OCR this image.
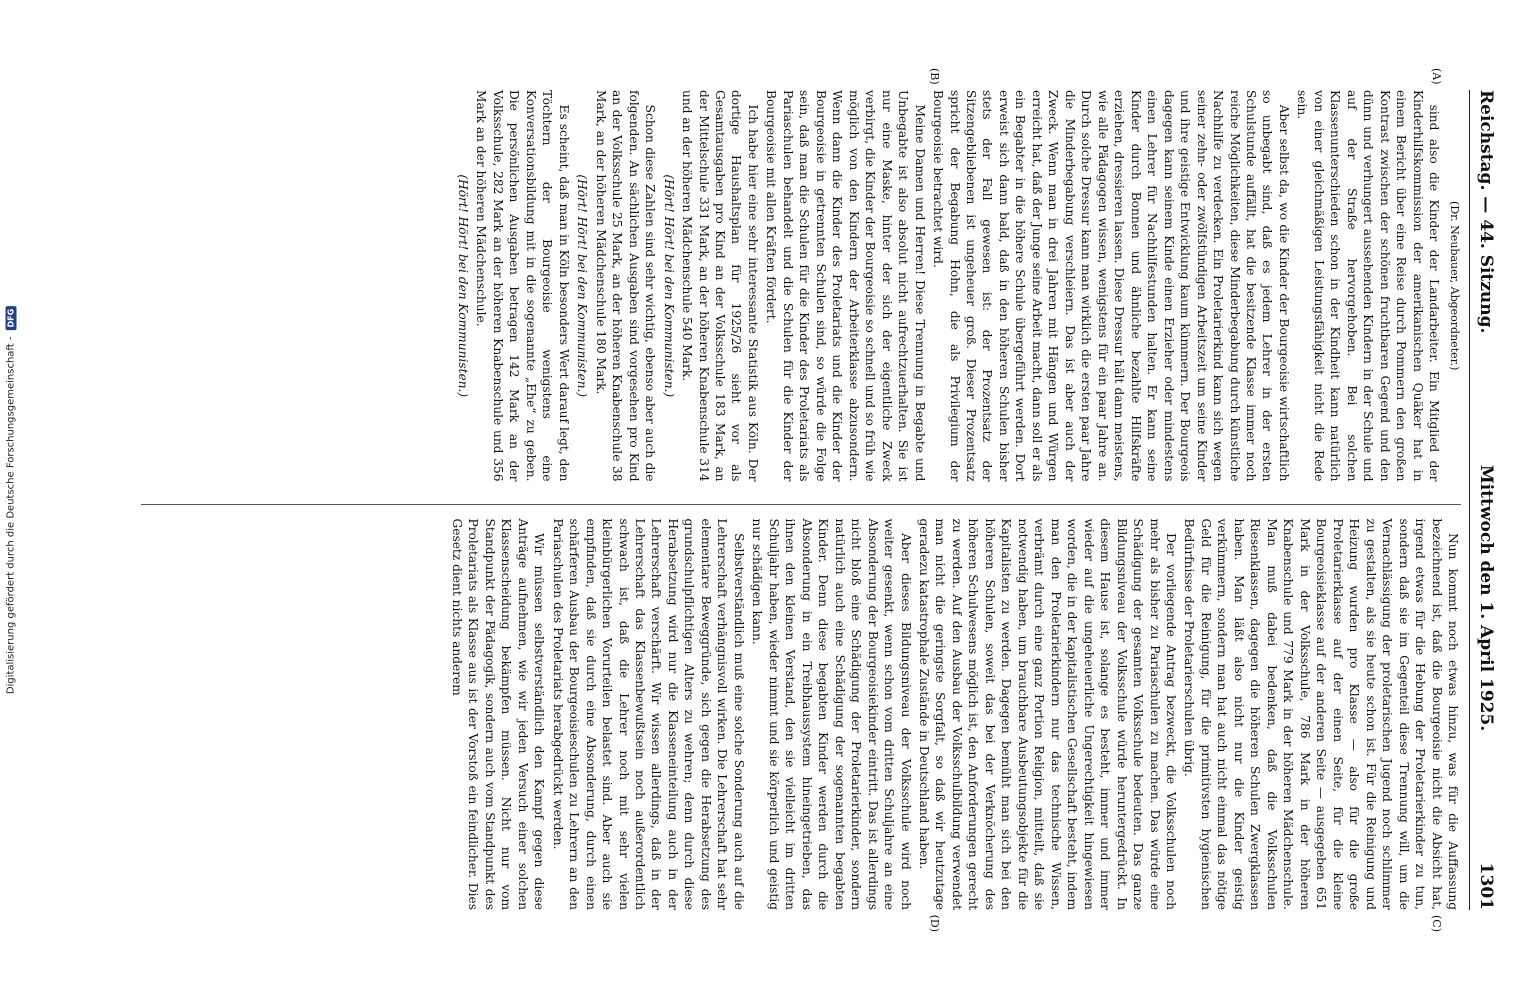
Digitalisierung gefördert durch die Deutsche Forschungsgemeinschaft -
DFG	Reichstag. — 44. Sitzung.
Mittwoch den 1. April 1925.
1301
(A)
(B)
(Dr. Neubauer, Abgeordneter.)

sind also die Kinder der Landarbeiter. Ein Mitglied der Kinderhilfskommission der amerikanischen Quäker hat in einem Bericht über eine Reise durch Pommern den großen Kontrast zwischen der schönen fruchtbaren Gegend und den dünn und verhungert aussehenden Kindern in der Schule und auf der Straße hervorgehoben. Bei solchen Klassenunterschieden schon in der Kindheit kann natürlich von einer gleichmäßigen Leistungsfähigkeit nicht die Rede sein.

Aber selbst da, wo die Kinder der Bourgeoisie wirtschaftlich so unbegabt sind, daß es jedem Lehrer in der ersten Schulstunde auffällt, hat die besitzende Klasse immer noch reiche Möglichkeiten, diese Minderbegabung durch künstliche Nachhilfe zu verdecken. Ein Proletarierkind kann sich wegen seiner zehn- oder zwölfstündigen Arbeitszeit um seine Kinder und ihre geistige Entwicklung kaum kümmern. Der Bourgeois dagegen kann seinem Kinde einen Erzieher oder mindestens einen Lehrer für Nachhilfestunden halten. Er kann seine Kinder durch Bonnen und ähnliche bezahlte Hilfskräfte erziehen, dressieren lassen. Diese Dressur hält dann meistens, wie alle Pädagogen wissen, wenigstens für ein paar Jahre an. Durch solche Dressur kann man wirklich die ersten paar Jahre die Minderbegabung verschleiern. Das ist aber auch der Zweck. Wenn man in drei Jahren mit Hängen und Würgen erreicht hat, daß der Junge seine Arbeit macht, dann soll er als ein Begabter in die höhere Schule übergeführt werden. Dort erweist sich dann bald, daß in den höheren Schulen bisher stets der Fall gewesen ist: der Prozentsatz der Sitzengebliebenen ist ungeheuer groß. Dieser Prozentsatz spricht der Begabung Hohn, die als Privilegium der Bourgeoisie betrachtet wird.

Meine Damen und Herren! Diese Trennung in Begabte und Unbegabte ist also absolut nicht aufrechtzuerhalten. Sie ist nur eine Maske, hinter der sich der eigentliche Zweck verbirgt, die Kinder der Bourgeoisie so schnell und so früh wie möglich von den Kindern der Arbeiterklasse abzusondern. Wenn dann die Kinder des Proletariats und die Kinder der Bourgeoisie in getrennten Schulen sind, so würde die Folge sein, daß man die Schulen für die Kinder des Proletariats als Pariaschulen behandelt und die Schulen für die Kinder der Bourgeoisie mit allen Kräften fördert.

Ich habe hier eine sehr interessante Statistik aus Köln. Der dortige Haushaltsplan für 1925/26 sieht vor als Gesamtausgaben pro Kind an der Volksschule 183 Mark, an der Mittelschule 331 Mark, an der höheren Knabenschule 314 und an der höheren Mädchenschule 540 Mark.

(Hört! Hört! bei den Kommunisten.)

Schon diese Zahlen sind sehr wichtig, ebenso aber auch die folgenden. An sächlichen Ausgaben sind vorgesehen pro Kind an der Volksschule 25 Mark, an der höheren Knabenschule 38 Mark, an der höheren Mädchenschule 180 Mark.

(Hört! Hört! bei den Kommunisten.)

Es scheint, daß man in Köln besonders Wert darauf legt, den Töchtern der Bourgeoisie wenigstens eine Konversationsbildung mit in die sogenannte „Ehe“ zu geben. Die persönlichen Ausgaben betragen 142 Mark an der Volksschule, 282 Mark an der höheren Knabenschule und 356 Mark an der höheren Mädchenschule.

(Hört! Hört! bei den Kommunisten.)

(C)
(D)

Nun kommt noch etwas hinzu, was für die Auffassung bezeichnend ist, daß die Bourgeoisie nicht die Absicht hat, irgend etwas für die Hebung der Proletarierkinder zu tun, sondern daß sie im Gegenteil diese Trennung will, um die Vernachlässigung der proletarischen Jugend noch schlimmer zu gestalten, als sie heute schon ist. Für die Reinigung und Heizung wurden pro Klasse — also für die große Proletarierklasse auf der einen Seite, für die kleine Bourgeoisieklasse auf der anderen Seite — ausgegeben 651 Mark in der Volksschule, 786 Mark in der höheren Knabenschule und 779 Mark in der höheren Mädchenschule. Man muß dabei bedenken, daß die Volksschulen Riesenklassen, dagegen die höheren Schulen Zwergklassen haben. Man läßt also nicht nur die Kinder geistig verkümmern, sondern man hat auch nicht einmal das nötige Geld für die Reinigung, für die primitivsten hygienischen Bedürfnisse der Proletarierschulen übrig.

Der vorliegende Antrag bezweckt, die Volksschulen noch mehr als bisher zu Pariaschulen zu machen. Das würde eine Schädigung der gesamten Volksschule bedeuten. Das ganze Bildungsniveau der Volksschule würde heruntergedrückt. In diesem Hause ist, solange es besteht, immer und immer wieder auf die ungeheuerliche Ungerechtigkeit hingewiesen worden, die in der kapitalistischen Gesellschaft besteht, indem man den Proletarierkindern nur das technische Wissen, verbrämt durch eine ganz Portion Religion, mitteilt, daß sie notwendig haben, um brauchbare Ausbeutungsobjekte für die Kapitalisten zu werden. Dagegen bemüht man sich bei den höheren Schulen, soweit das bei der Verknöcherung des höheren Schulwesens möglich ist, den Anforderungen gerecht zu werden. Auf den Ausbau der Volksschulbildung verwendet man nicht die geringste Sorgfalt, so daß wir heutzutage geradezu katastrophale Zustände in Deutschland haben.

Aber dieses Bildungsniveau der Volksschule wird noch weiter gesenkt, wenn schon vom dritten Schuljahre an eine Absonderung der Bourgeoisiekinder eintritt. Das ist allerdings nicht bloß eine Schädigung der Proletarierkinder, sondern natürlich auch eine Schädigung der sogenannten begabten Kinder. Denn diese begabten Kinder werden durch die Absonderung in ein Treibhaussystem hineingetrieben, das ihnen den kleinen Verstand, den sie vielleicht im dritten Schuljahr haben, wieder nimmt und sie körperlich und geistig nur schädigen kann.

Selbstverständlich muß eine solche Sonderung auch auf die Lehrerschaft verhängnisvoll wirken. Die Lehrerschaft hat sehr elementare Beweggründe, sich gegen die Herabsetzung des grundschulpflichtigen Alters zu wehren; denn durch diese Herabsetzung wird nur die Klasseneinteilung auch in der Lehrerschaft verschärft. Wir wissen allerdings, daß in der Lehrerschaft das Klassenbewußtsein noch außerordentlich schwach ist, daß die Lehrer noch mit sehr vielen kleinbürgerlichen Vorurteilen belastet sind. Aber auch sie empfinden, daß sie durch eine Absonderung, durch einen schärferen Ausbau der Bourgeoisieschulen zu Lehrern an den Pariaschulen des Proletariats herabgedrückt werden.

Wir müssen selbstverständlich den Kampf gegen diese Anträge aufnehmen, wie wir jeden Versuch einer solchen Klassenscheidung bekämpfen müssen. Nicht nur vom Standpunkt der Pädagogik, sondern auch vom Standpunkt des Proletariats als Klasse aus ist der Vorstoß ein feindlicher. Dies Gesetz dient nichts anderem
